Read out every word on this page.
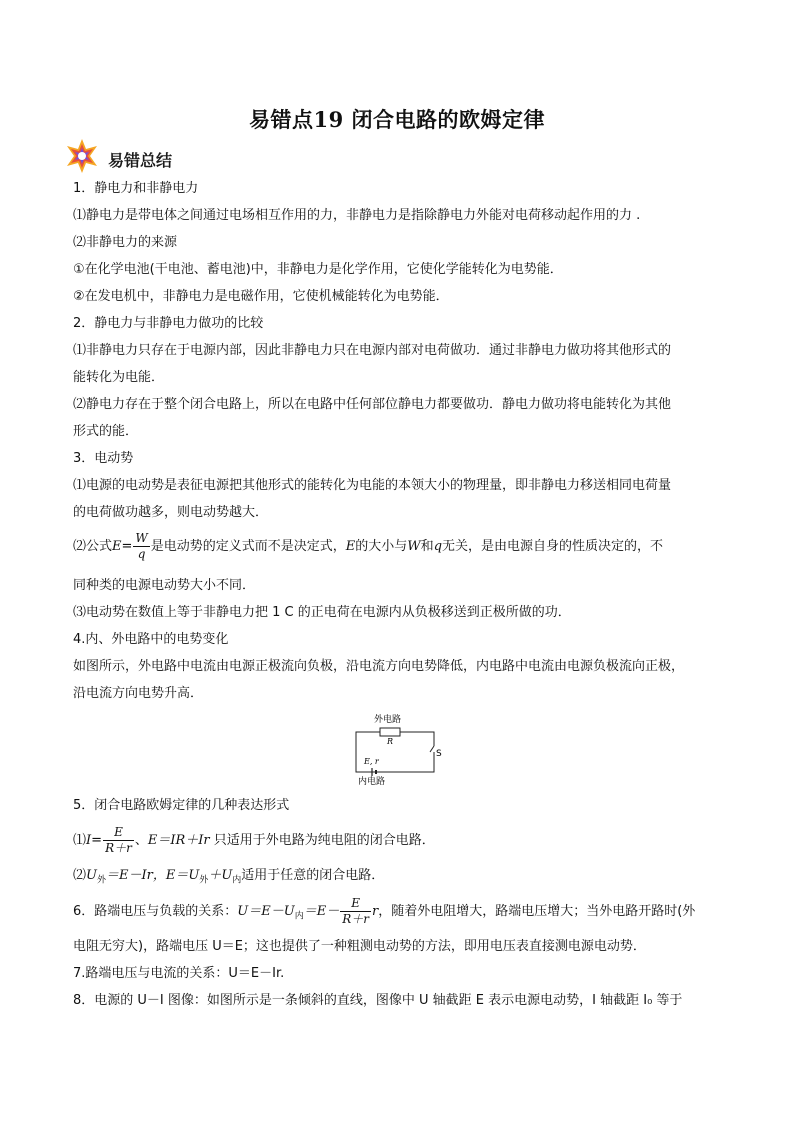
易错点19 闭合电路的欧姆定律
易错总结
1．静电力和非静电力
⑴静电力是带电体之间通过电场相互作用的力，非静电力是指除静电力外能对电荷移动起作用的力 .
⑵非静电力的来源
①在化学电池(干电池、蓄电池)中，非静电力是化学作用，它使化学能转化为电势能．
②在发电机中，非静电力是电磁作用，它使机械能转化为电势能．
2．静电力与非静电力做功的比较
⑴非静电力只存在于电源内部，因此非静电力只在电源内部对电荷做功．通过非静电力做功将其他形式的
能转化为电能．
⑵静电力存在于整个闭合电路上，所以在电路中任何部位静电力都要做功．静电力做功将电能转化为其他
形式的能．
3．电动势
⑴电源的电动势是表征电源把其他形式的能转化为电能的本领大小的物理量，即非静电力移送相同电荷量
的电荷做功越多，则电动势越大．
⑵公式$E= \frac{W}{q}$ 是电动势的定义式而不是决定式，E的大小与W和q无关，是由电源自身的性质决定的，不
同种类的电源电动势大小不同．
⑶电动势在数值上等于非静电力把 1 C 的正电荷在电源内从负极移送到正极所做的功．
4.内、外电路中的电势变化
如图所示，外电路中电流由电源正极流向负极，沿电流方向电势降低，内电路中电流由电源负极流向正极，
沿电流方向电势升高．
外电路
R
S
E, r
内电路
5．闭合电路欧姆定律的几种表达形式
⑴I= $\frac{E}{R+r}$ 、E＝IR＋Ir 只适用于外电路为纯电阻的闭合电路．
$⑵U_外=E-Ir$，$E=U_外+U_内$适用于任意的闭合电路．
6．路端电压与负载的关系：$U=E-U_内=E- \frac{E}{R+r}$ r，随着外电阻增大，路端电压增大；当外电路开路时(外
电阻无穷大)，路端电压 U＝E；这也提供了一种粗测电动势的方法，即用电压表直接测电源电动势．
7.路端电压与电流的关系：U＝E－Ir.
8．电源的 U－I 图像：如图所示是一条倾斜的直线，图像中 U 轴截距 E 表示电源电动势，I 轴截距 I₀ 等于
